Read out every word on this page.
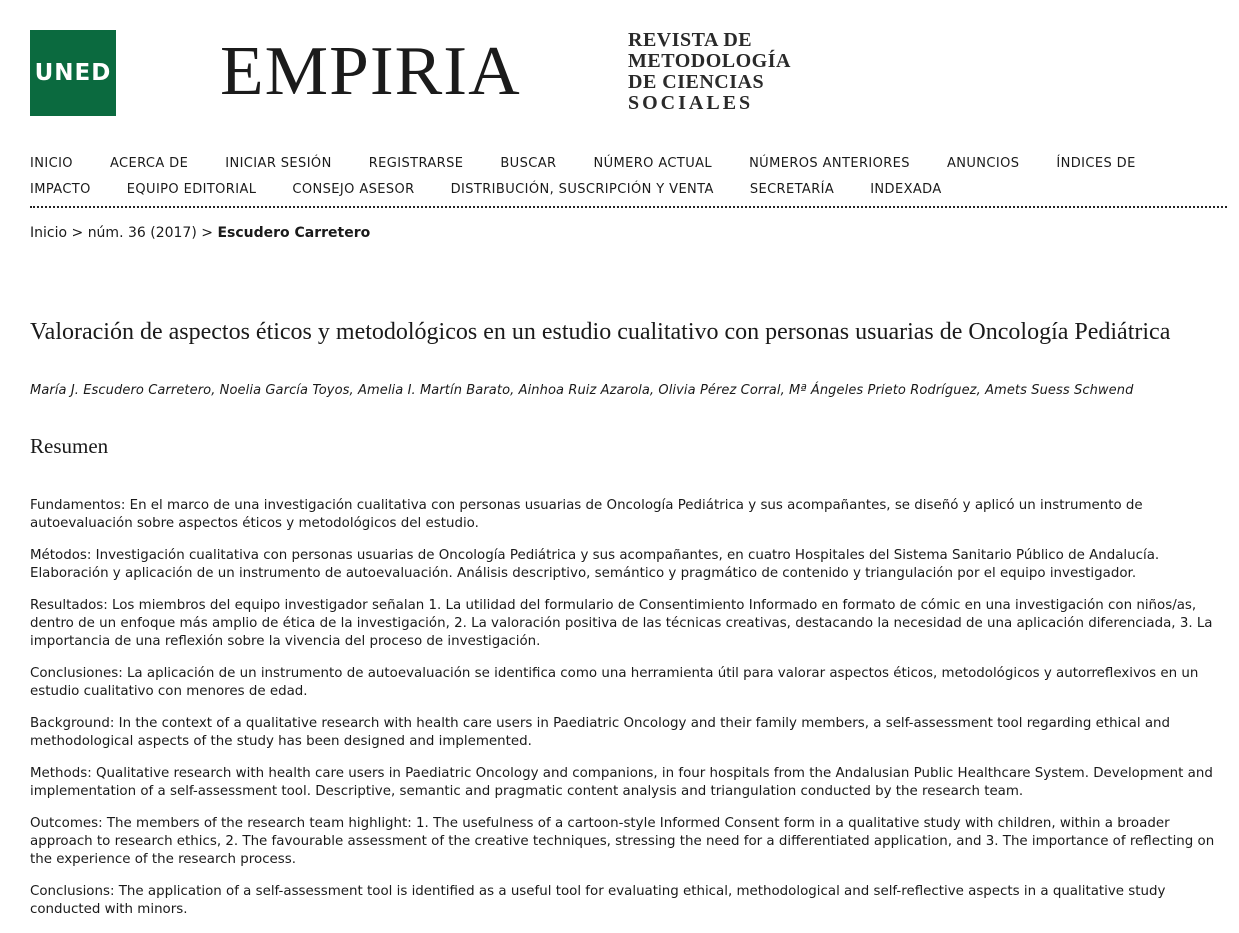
UNED EMPIRIA	REVISTA DE
METODOLOGÍA
DE CIENCIAS
SOCIALES
INICIO	ACERCA DE	INICIAR SESIÓN	REGISTRARSE	BUSCAR	NÚMERO ACTUAL	NÚMEROS ANTERIORES	ANUNCIOS	ÍNDICES DE
IMPACTO	EQUIPO EDITORIAL	CONSEJO ASESOR	DISTRIBUCIÓN, SUSCRIPCIÓN Y VENTA	SECRETARÍA	INDEXADA
Inicio > núm. 36 (2017) > Escudero Carretero
Valoración de aspectos éticos y metodológicos en un estudio cualitativo con personas usuarias de Oncología Pediátrica
María J. Escudero Carretero, Noelia García Toyos, Amelia I. Martín Barato, Ainhoa Ruiz Azarola, Olivia Pérez Corral, Mª Ángeles Prieto Rodríguez, Amets Suess Schwend
Resumen

Fundamentos: En el marco de una investigación cualitativa con personas usuarias de Oncología Pediátrica y sus acompañantes, se diseñó y aplicó un instrumento de autoevaluación sobre aspectos éticos y metodológicos del estudio.

Métodos: Investigación cualitativa con personas usuarias de Oncología Pediátrica y sus acompañantes, en cuatro Hospitales del Sistema Sanitario Público de Andalucía. Elaboración y aplicación de un instrumento de autoevaluación. Análisis descriptivo, semántico y pragmático de contenido y triangulación por el equipo investigador.

Resultados: Los miembros del equipo investigador señalan 1. La utilidad del formulario de Consentimiento Informado en formato de cómic en una investigación con niños/as, dentro de un enfoque más amplio de ética de la investigación, 2. La valoración positiva de las técnicas creativas, destacando la necesidad de una aplicación diferenciada, 3. La importancia de una reflexión sobre la vivencia del proceso de investigación.

Conclusiones: La aplicación de un instrumento de autoevaluación se identifica como una herramienta útil para valorar aspectos éticos, metodológicos y autorreflexivos en un estudio cualitativo con menores de edad.

Background: In the context of a qualitative research with health care users in Paediatric Oncology and their family members, a self-assessment tool regarding ethical and methodological aspects of the study has been designed and implemented.

Methods: Qualitative research with health care users in Paediatric Oncology and companions, in four hospitals from the Andalusian Public Healthcare System. Development and implementation of a self-assessment tool. Descriptive, semantic and pragmatic content analysis and triangulation conducted by the research team.

Outcomes: The members of the research team highlight: 1. The usefulness of a cartoon-style Informed Consent form in a qualitative study with children, within a broader approach to research ethics, 2. The favourable assessment of the creative techniques, stressing the need for a differentiated application, and 3. The importance of reflecting on the experience of the research process.

Conclusions: The application of a self-assessment tool is identified as a useful tool for evaluating ethical, methodological and self-reflective aspects in a qualitative study conducted with minors.
